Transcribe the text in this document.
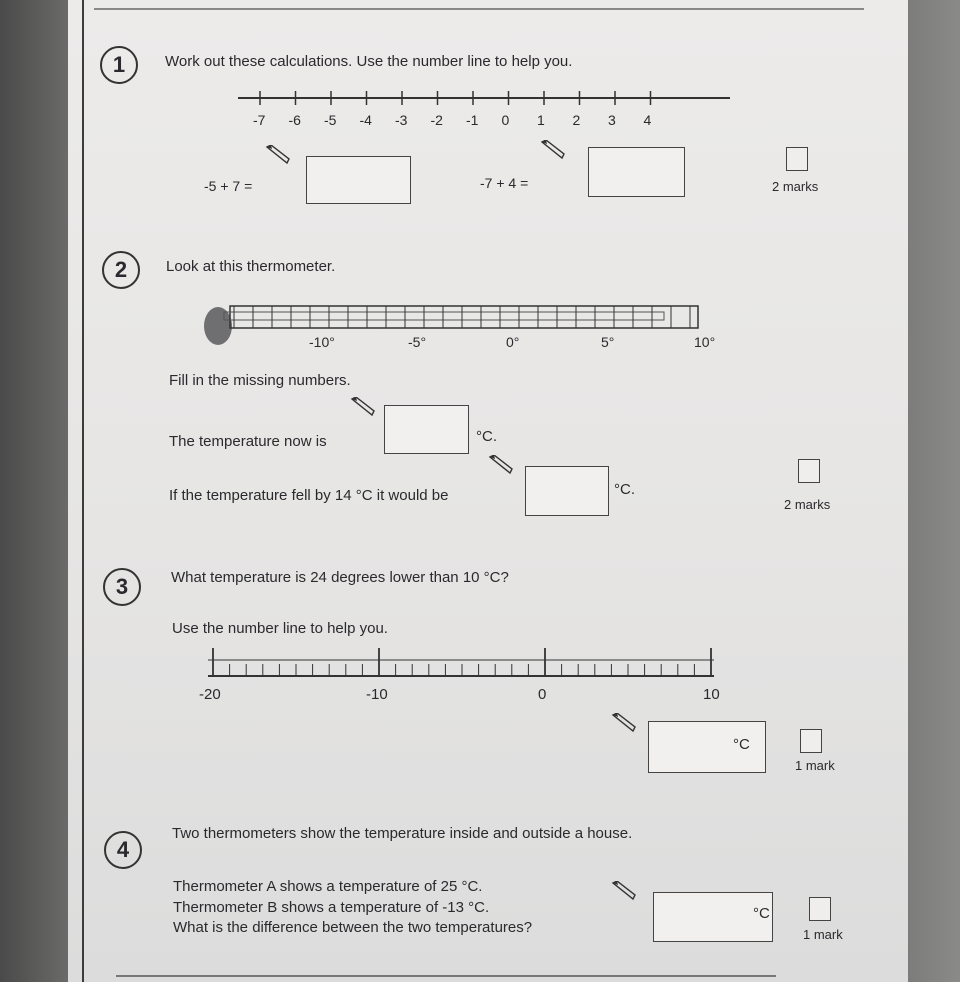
1	Work out these calculations. Use the number line to help you.
-7 -6 -5 -4 -3 -2 -1 0 1 2 3 4
-5 + 7 =	-7 + 4 =	2 marks
2	Look at this thermometer.
-10°	-5°	0°	5°	10°
Fill in the missing numbers.
The temperature now is	°C.
If the temperature fell by 14 °C it would be	°C.
2 marks
3	What temperature is 24 degrees lower than 10 °C?
Use the number line to help you.
-20	-10	0	10
°C
1 mark
4
Two thermometers show the temperature inside and outside a house.
Thermometer A shows a temperature of 25 °C.
Thermometer B shows a temperature of -13 °C.
What is the difference between the two temperatures?
°C
1 mark
